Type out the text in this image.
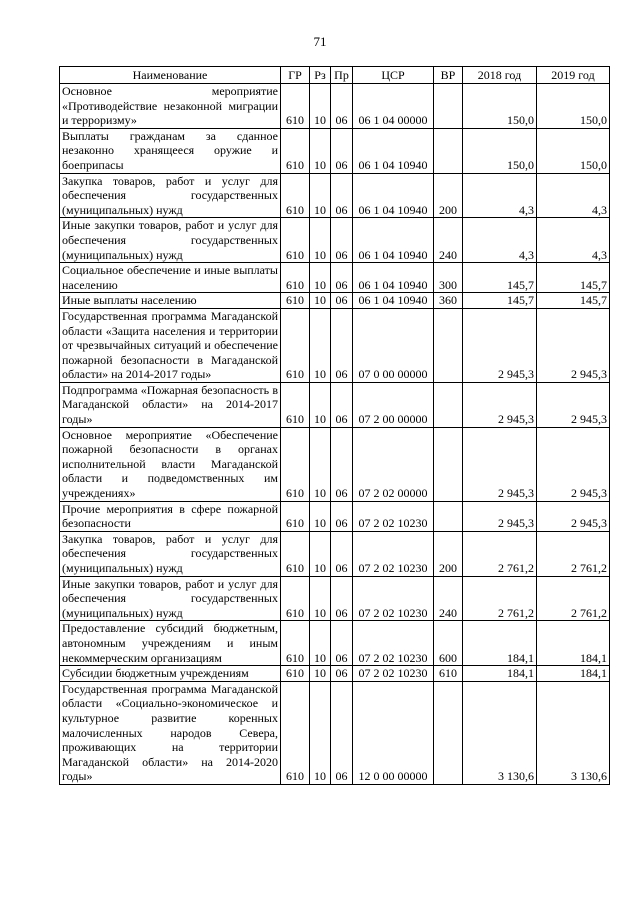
71
Наименование	ГР	Рз	Пр	ЦСР	ВР	2018 год	2019 год
Основное мероприятие «Противодействие незаконной миграции и терроризму»	610	10	06	06 1 04 00000		150,0	150,0
Выплаты гражданам за сданное незаконно хранящееся оружие и боеприпасы	610	10	06	06 1 04 10940		150,0	150,0
Закупка товаров, работ и услуг для обеспечения государственных (муниципальных) нужд	610	10	06	06 1 04 10940	200	4,3	4,3
Иные закупки товаров, работ и услуг для обеспечения государственных (муниципальных) нужд	610	10	06	06 1 04 10940	240	4,3	4,3
Социальное обеспечение и иные выплаты населению	610	10	06	06 1 04 10940	300	145,7	145,7
Иные выплаты населению	610	10	06	06 1 04 10940	360	145,7	145,7
Государственная программа Магаданской области «Защита населения и территории от чрезвычайных ситуаций и обеспечение пожарной безопасности в Магаданской области» на 2014-2017 годы»	610	10	06	07 0 00 00000		2 945,3	2 945,3
Подпрограмма «Пожарная безопасность в Магаданской области» на 2014-2017 годы»	610	10	06	07 2 00 00000		2 945,3	2 945,3
Основное мероприятие «Обеспечение пожарной безопасности в органах исполнительной власти Магаданской области и подведомственных им учреждениях»	610	10	06	07 2 02 00000		2 945,3	2 945,3
Прочие мероприятия в сфере пожарной безопасности	610	10	06	07 2 02 10230		2 945,3	2 945,3
Закупка товаров, работ и услуг для обеспечения государственных (муниципальных) нужд	610	10	06	07 2 02 10230	200	2 761,2	2 761,2
Иные закупки товаров, работ и услуг для обеспечения государственных (муниципальных) нужд	610	10	06	07 2 02 10230	240	2 761,2	2 761,2
Предоставление субсидий бюджетным, автономным учреждениям и иным некоммерческим организациям	610	10	06	07 2 02 10230	600	184,1	184,1
Субсидии бюджетным учреждениям	610	10	06	07 2 02 10230	610	184,1	184,1
Государственная программа Магаданской области «Социально-экономическое и культурное развитие коренных малочисленных народов Севера, проживающих на территории Магаданской области» на 2014-2020 годы»	610	10	06	12 0 00 00000		3 130,6	3 130,6
